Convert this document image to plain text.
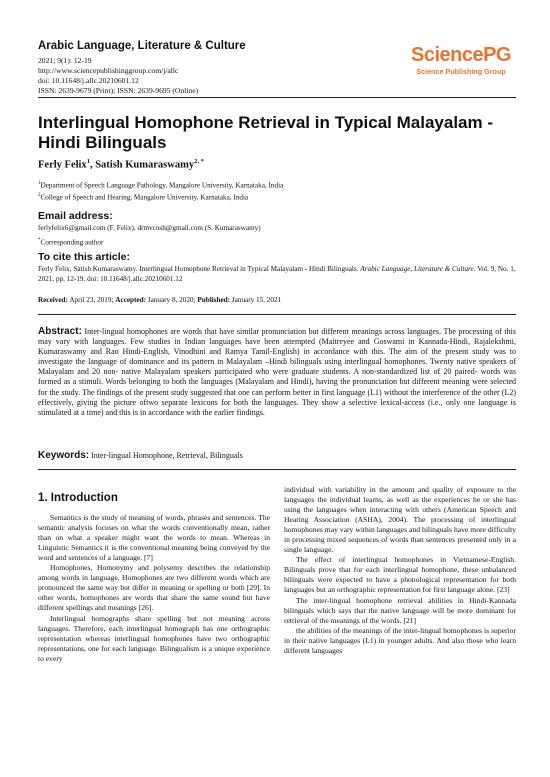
Arabic Language, Literature & Culture
2021; 9(1): 12-19
http://www.sciencepublishinggroup.com/j/allc
doi: 10.11648/j.allc.20210601.12
ISSN: 2639-9679 (Print); ISSN: 2639-9695 (Online)
SciencePG
Science Publishing Group
Interlingual Homophone Retrieval in Typical Malayalam - Hindi Bilinguals
Ferly Felix$^1$, Satish Kumaraswamy$^{2, *}$
$^1$Department of Speech Language Pathology, Mangalore University, Karnataka, India
$^2$College of Speech and Hearing, Mangalore University, Karnataka, India
Email address:
ferlyfelix6@gmail.com (F. Felix), drmvcosh@gmail.com (S. Kumaraswamy)
*Corresponding author
To cite this article:
Ferly Felix, Satish Kumaraswamy. Interlingual Homophone Retrieval in Typical Malayalam - Hindi Bilinguals. Arabic Language, Literature & Culture. Vol. 9, No. 1, 2021, pp. 12-19. doi: 10.11648/j.allc.20210601.12
Received: April 23, 2019; Accepted: January 8, 2020; Published: January 15, 2021
Abstract: Inter-lingual homophones are words that have similar pronunciation but different meanings across languages. The processing of this may vary with languages. Few studies in Indian languages have been attempted (Maitreyee and Goswami in Kannada-Hindi, Rajalekshmi, Kumaraswamy and Rao Hindi-English, Vinodhini and Ramya Tamil-English) in accordance with this. The aim of the present study was to investigate the language of dominance and its pattern in Malayalam –Hindi bilinguals using interlingual homophones. Twenty native speakers of Malayalam and 20 non- native Malayalam speakers participated who were graduate students. A non-standardized list of 20 paired- words was formed as a stimuli. Words belonging to both the languages (Malayalam and Hindi), having the pronunciation but different meaning were selected for the study. The findings of the present study suggested that one can perform better in first language (L1) without the interference of the other (L2) effectively, giving the picture oftwo separate lexicons for both the languages. They show a selective lexical-access (i.e., only one language is stimulated at a time) and this is in accordance with the earlier findings.
Keywords: Inter-lingual Homophone, Retrieval, Bilinguals
1. Introduction

Semantics is the study of meaning of words, phrases and sentences. The semantic analysis focuses on what the words conventionally mean, rather than on what a speaker might want the words to mean. Whereas in Linguistic Semantics it is the conventional meaning being conveyed by the word and sentences of a language. [7]

Homophones, Homonymy and polysemy describes the relationship among words in language. Homophones are two different words which are pronounced the same way but differ in meaning or spelling or both [29]. In other words, homophones are words that share the same sound but have different spellings and meanings [26].

Interlingual homographs share spelling but not meaning across languages. Therefore, each interlingual homograph has one orthographic representation whereas interlingual homophones have two orthographic representations, one for each language. Bilingualism is a unique experience to every

individual with variability in the amount and quality of exposure to the languages the individual learns, as well as the experiences he or she has using the languages when interacting with others (American Speech and Hearing Association (ASHA), 2004). The processing of interlingual homophones may vary within languages and bilinguals have more difficulty in processing mixed sequences of words than sentences presented only in a single language.

The effect of interlingual homophones in Vietnamese-English. Bilinguals prove that for each interlingual homophone, these unbalanced bilinguals were expected to have a phonological representation for both languages but an orthographic representation for first language alone. [23]

The inter-lingual homophone retrieval abilities in Hindi-Kannada bilinguals which says that the native language will be more dominant for retrieval of the meanings of the words. [21]

the abilities of the meanings of the inter-lingual homophones is superior in their native languages (L1) in younger adults. And also those who learn different languages
